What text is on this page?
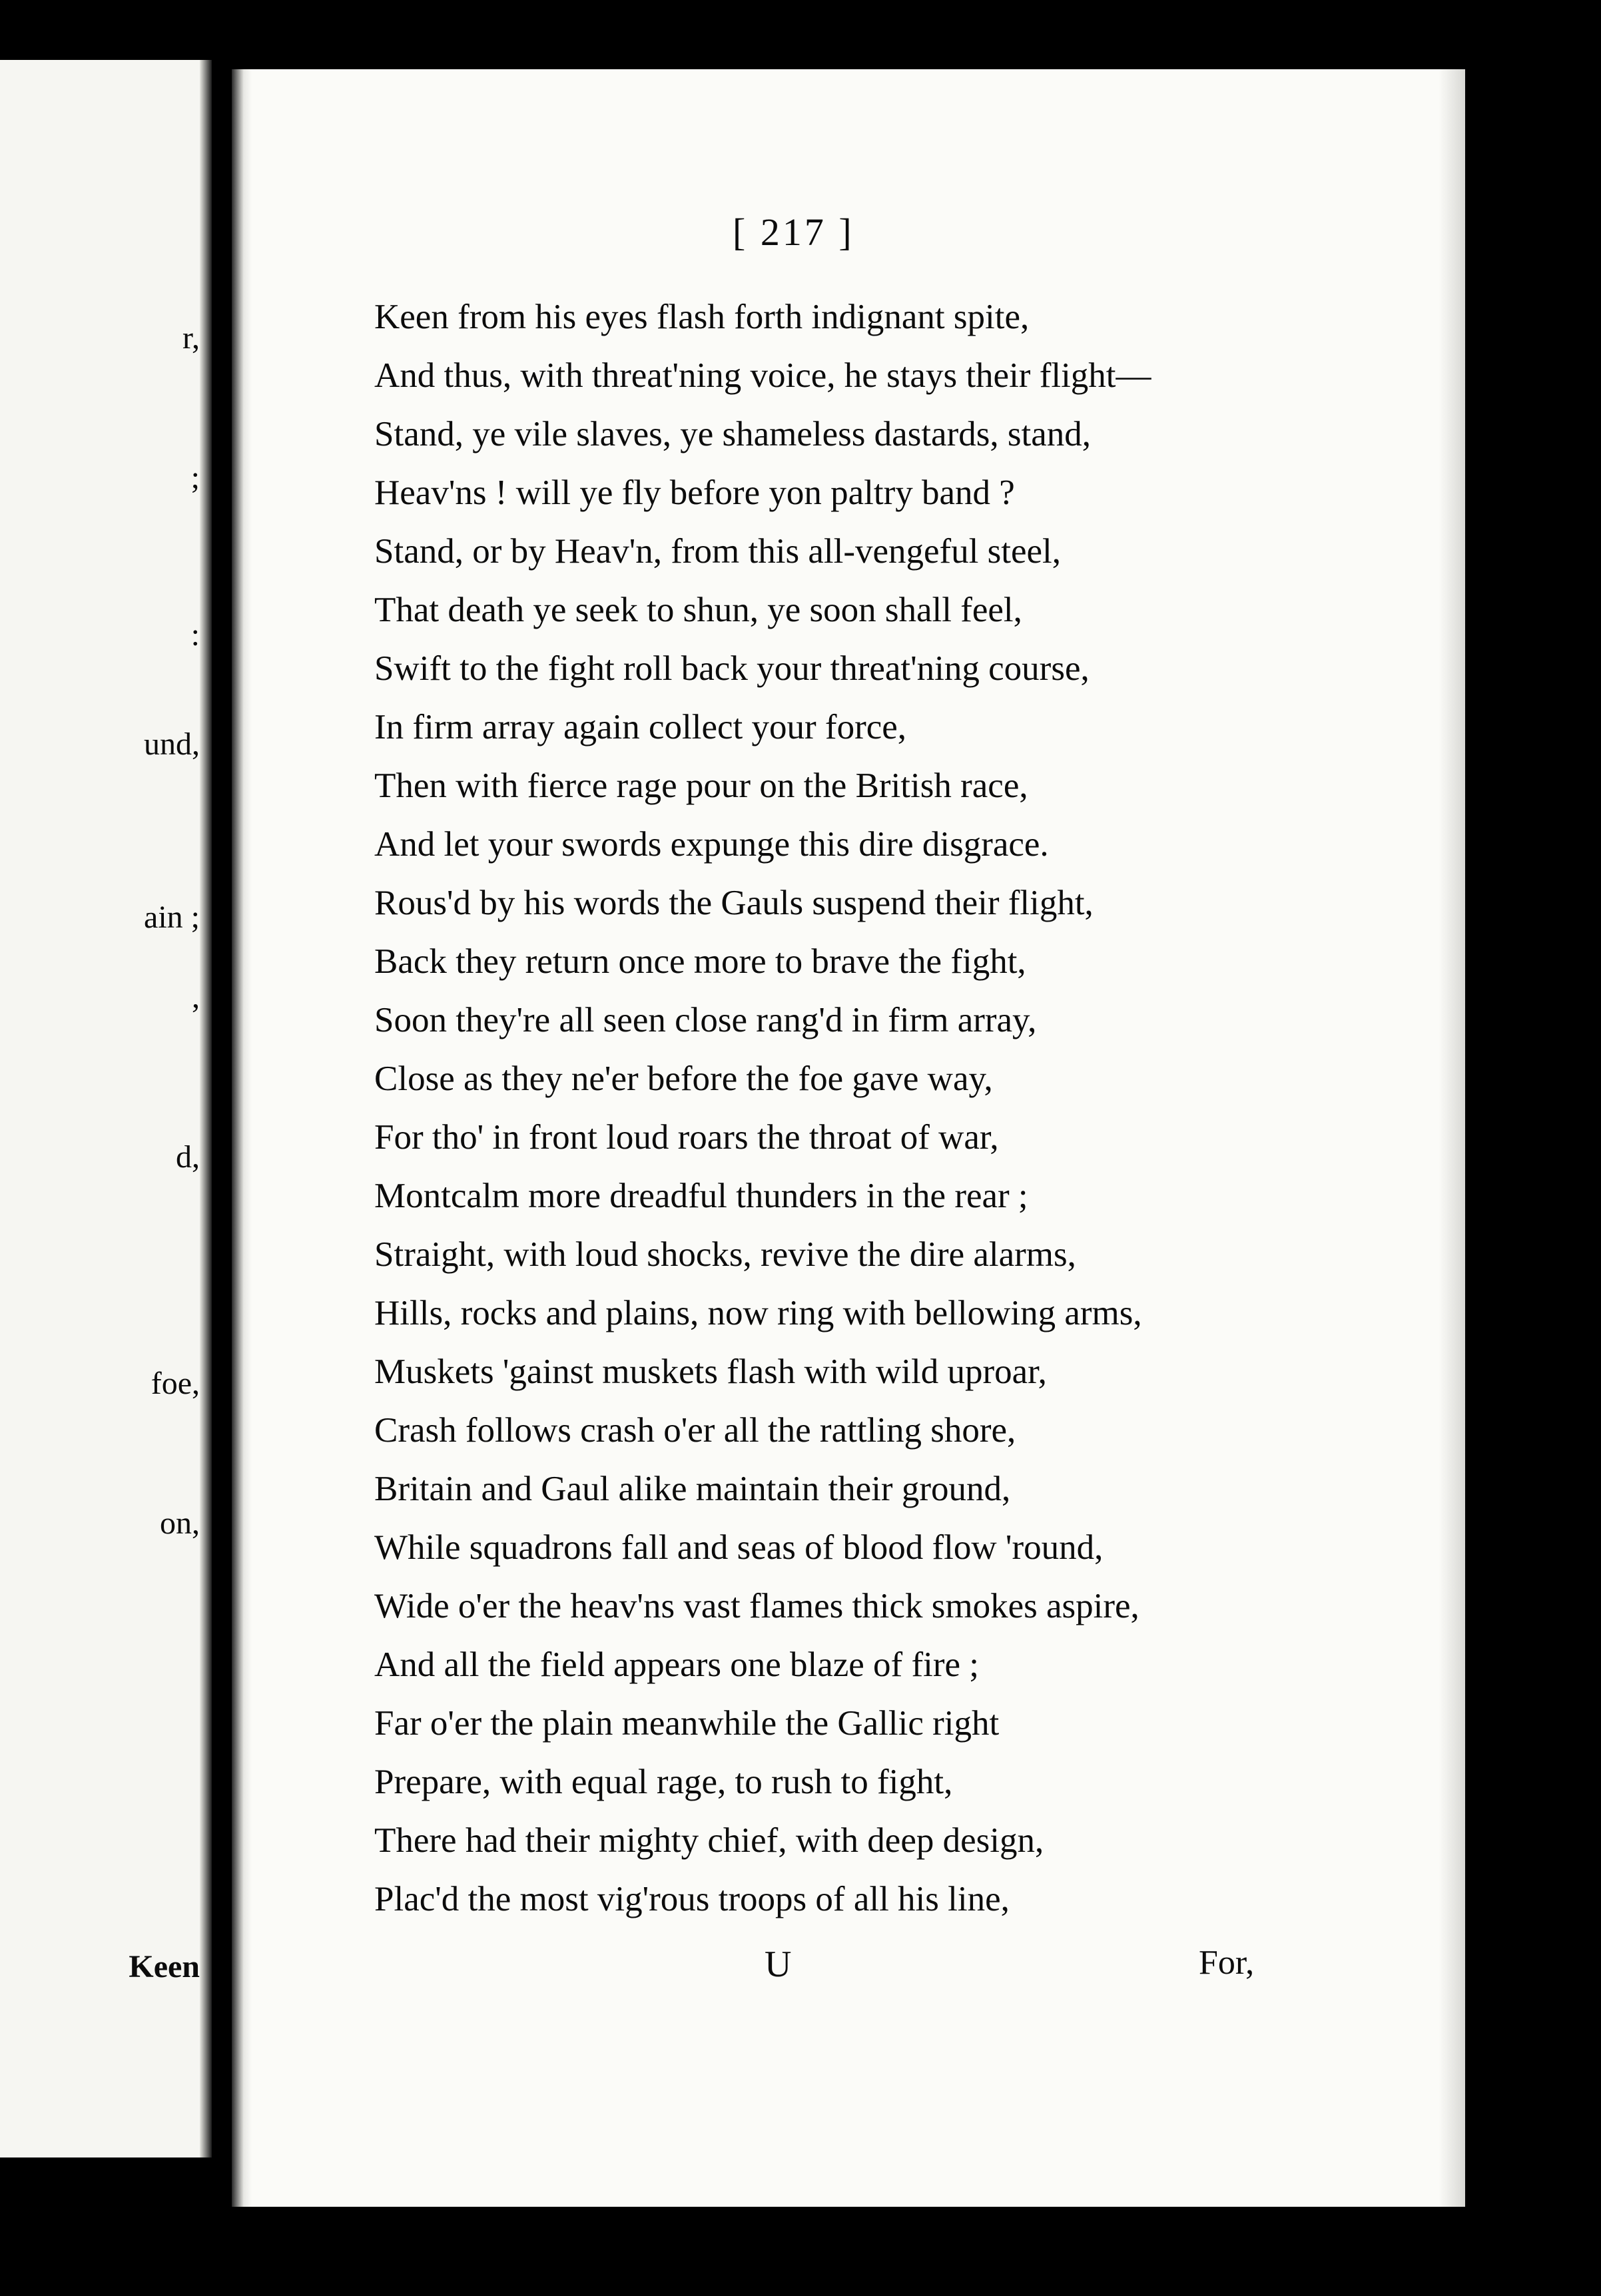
r,
;
:
und,
ain ;
,
d,
foe,
on,
Keen
[ 217 ]
Keen from his eyes flash forth indignant spite,
And thus, with threat'ning voice, he stays their flight—
Stand, ye vile slaves, ye shameless dastards, stand,
Heav'ns ! will ye fly before yon paltry band ?
Stand, or by Heav'n, from this all-vengeful steel,
That death ye seek to shun, ye soon shall feel,
Swift to the fight roll back your threat'ning course,
In firm array again collect your force,
Then with fierce rage pour on the British race,
And let your swords expunge this dire disgrace.
Rous'd by his words the Gauls suspend their flight,
Back they return once more to brave the fight,
Soon they're all seen close rang'd in firm array,
Close as they ne'er before the foe gave way,
For tho' in front loud roars the throat of war,
Montcalm more dreadful thunders in the rear ;
Straight, with loud shocks, revive the dire alarms,
Hills, rocks and plains, now ring with bellowing arms,
Muskets 'gainst muskets flash with wild uproar,
Crash follows crash o'er all the rattling shore,
Britain and Gaul alike maintain their ground,
While squadrons fall and seas of blood flow 'round,
Wide o'er the heav'ns vast flames thick smokes aspire,
And all the field appears one blaze of fire ;
Far o'er the plain meanwhile the Gallic right
Prepare, with equal rage, to rush to fight,
There had their mighty chief, with deep design,
Plac'd the most vig'rous troops of all his line,
U	For,
